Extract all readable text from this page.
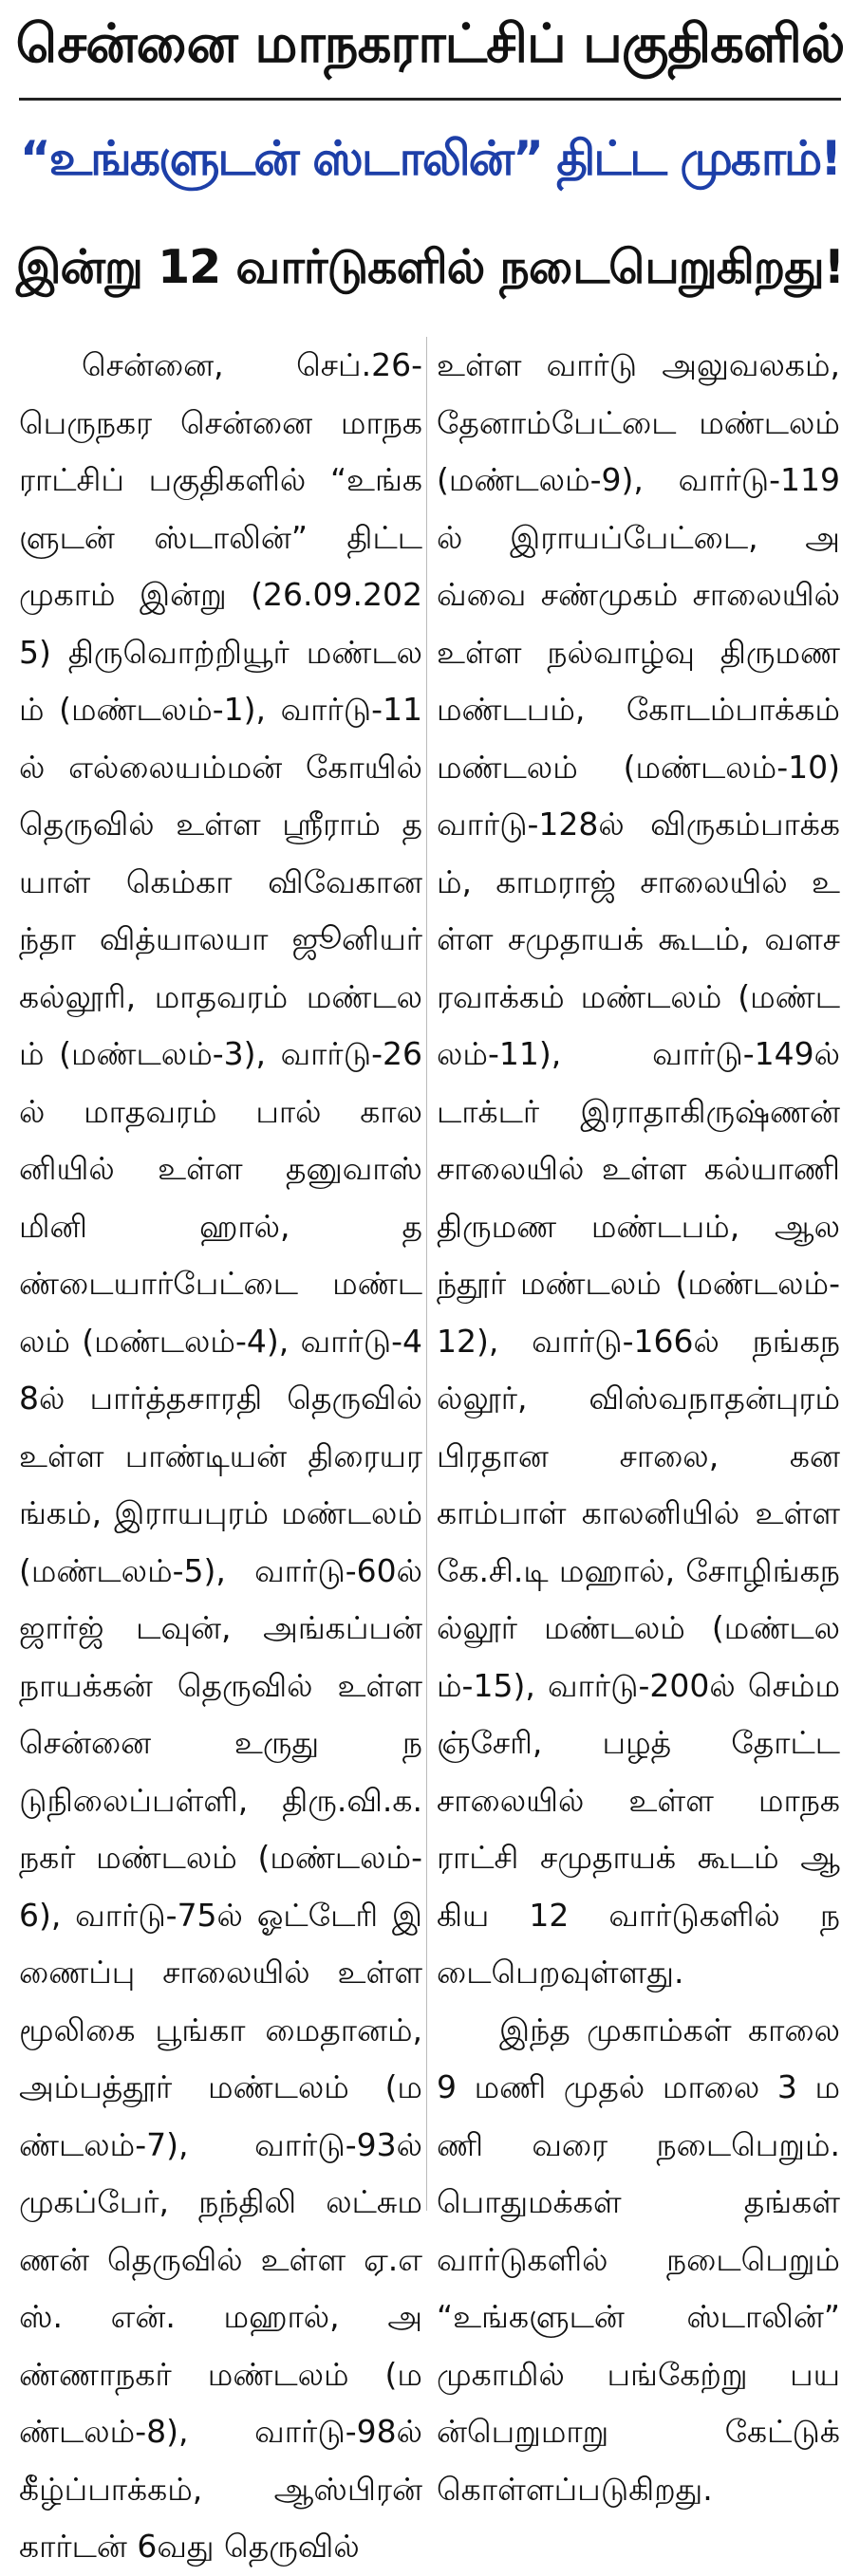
சென்னை மாநகராட்சிப் பகுதிகளில்
“உங்களுடன் ஸ்டாலின்” திட்ட முகாம்!
இன்று 12 வார்டுகளில் நடைபெறுகிறது!

சென்னை, செப்.26- பெருநகர சென்னை மாநகராட்சிப் பகுதிகளில் “உங்களுடன் ஸ்டாலின்” திட்ட முகாம் இன்று (26.09.2025) திருவொற்றியூர் மண்டலம் (மண்டலம்-1), வார்டு-11ல் எல்லையம்மன் கோயில் தெருவில் உள்ள ஸ்ரீராம் தயாள் கெம்கா விவேகானந்தா வித்யாலயா ஜூனியர் கல்லூரி, மாதவரம் மண்டலம் (மண்டலம்-3), வார்டு-26ல் மாதவரம் பால் காலனியில் உள்ள தனுவாஸ் மினி ஹால், தண்டையார்பேட்டை மண்டலம் (மண்டலம்-4), வார்டு-48ல் பார்த்தசாரதி தெருவில் உள்ள பாண்டியன் திரையரங்கம், இராயபுரம் மண்டலம் (மண்டலம்-5), வார்டு-60ல் ஜார்ஜ் டவுன், அங்கப்பன் நாயக்கன் தெருவில் உள்ள சென்னை உருது நடுநிலைப்பள்ளி, திரு.வி.க. நகர் மண்டலம் (மண்டலம்-6), வார்டு-75ல் ஓட்டேரி இணைப்பு சாலையில் உள்ள மூலிகை பூங்கா மைதானம், அம்பத்தூர் மண்டலம் (மண்டலம்-7), வார்டு-93ல் முகப்பேர், நந்திலி லட்சுமணன் தெருவில் உள்ள ஏ.எஸ். என். மஹால், அண்ணாநகர் மண்டலம் (மண்டலம்-8), வார்டு-98ல் கீழ்ப்பாக்கம், ஆஸ்பிரன் கார்டன் 6வது தெருவில்

உள்ள வார்டு அலுவலகம், தேனாம்பேட்டை மண்டலம் (மண்டலம்-9), வார்டு-119ல் இராயப்பேட்டை, அவ்வை சண்முகம் சாலையில் உள்ள நல்வாழ்வு திருமண மண்டபம், கோடம்பாக்கம் மண்டலம் (மண்டலம்-10) வார்டு-128ல் விருகம்பாக்கம், காமராஜ் சாலையில் உள்ள சமுதாயக் கூடம், வளசரவாக்கம் மண்டலம் (மண்டலம்-11), வார்டு-149ல் டாக்டர் இராதாகிருஷ்ணன் சாலையில் உள்ள கல்யாணி திருமண மண்டபம், ஆலந்தூர் மண்டலம் (மண்டலம்-12), வார்டு-166ல் நங்கநல்லூர், விஸ்வநாதன்புரம் பிரதான சாலை, கனகாம்பாள் காலனியில் உள்ள கே.சி.டி மஹால், சோழிங்கநல்லூர் மண்டலம் (மண்டலம்-15), வார்டு-200ல் செம்மஞ்சேரி, பழத் தோட்ட சாலையில் உள்ள மாநகராட்சி சமுதாயக் கூடம் ஆகிய 12 வார்டுகளில் நடைபெறவுள்ளது.

இந்த முகாம்கள் காலை 9 மணி முதல் மாலை 3 மணி வரை நடைபெறும். பொதுமக்கள் தங்கள் வார்டுகளில் நடைபெறும் “உங்களுடன் ஸ்டாலின்” முகாமில் பங்கேற்று பயன்பெறுமாறு கேட்டுக் கொள்ளப்படுகிறது.
